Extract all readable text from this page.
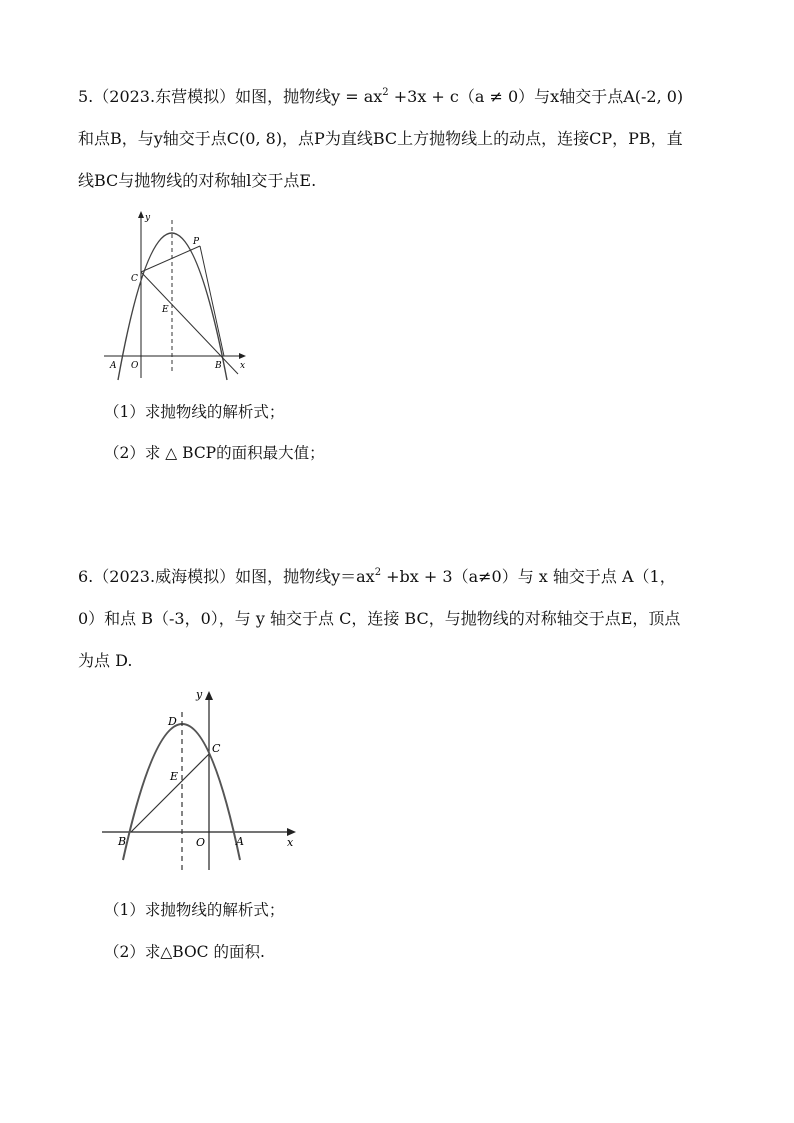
5.（2023.东营模拟）如图，抛物线$y = ax^2 +3x + c(a \ne 0)$与x轴交于点A(-2, 0)
和点B，与y轴交于点C(0, 8)，点P为直线BC上方抛物线上的动点，连接CP，PB，直
线BC与抛物线的对称轴l交于点E.
y
x
A O	B
C
E
P
（1）求抛物线的解析式；
（2）求 △ BCP的面积最大值；
6.（2023.威海模拟）如图，抛物线$y=ax^2 +bx + 3(a\ne 0)$与 x 轴交于点 A（1，
0）和点 B（-3，0），与 y 轴交于点 C，连接 BC，与抛物线的对称轴交于点E，顶点
为点 D.
y
x
B	O	A
C
D
E
（1）求抛物线的解析式；
（2）求△BOC 的面积.
